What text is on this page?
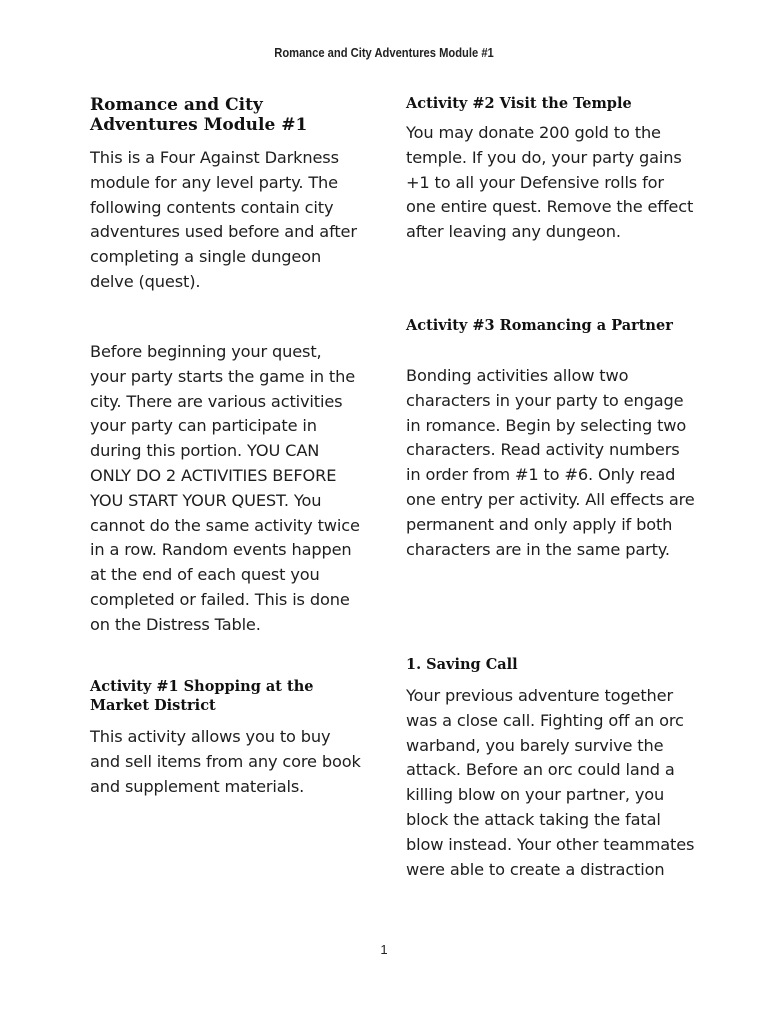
Romance and City Adventures Module #1
Romance and City Adventures Module #1

This is a Four Against Darkness module for any level party. The following contents contain city adventures used before and after completing a single dungeon delve (quest).

Before beginning your quest, your party starts the game in the city. There are various activities your party can participate in during this portion. YOU CAN ONLY DO 2 ACTIVITIES BEFORE YOU START YOUR QUEST. You cannot do the same activity twice in a row. Random events happen at the end of each quest you completed or failed. This is done on the Distress Table.

Activity #1 Shopping at the Market District

This activity allows you to buy and sell items from any core book and supplement materials.

Activity #2 Visit the Temple

You may donate 200 gold to the temple. If you do, your party gains +1 to all your Defensive rolls for one entire quest. Remove the effect after leaving any dungeon.

Activity #3 Romancing a Partner

Bonding activities allow two characters in your party to engage in romance. Begin by selecting two characters. Read activity numbers in order from #1 to #6. Only read one entry per activity. All effects are permanent and only apply if both characters are in the same party.

1. Saving Call

Your previous adventure together was a close call. Fighting off an orc warband, you barely survive the attack. Before an orc could land a killing blow on your partner, you block the attack taking the fatal blow instead. Your other teammates were able to create a distraction

1
